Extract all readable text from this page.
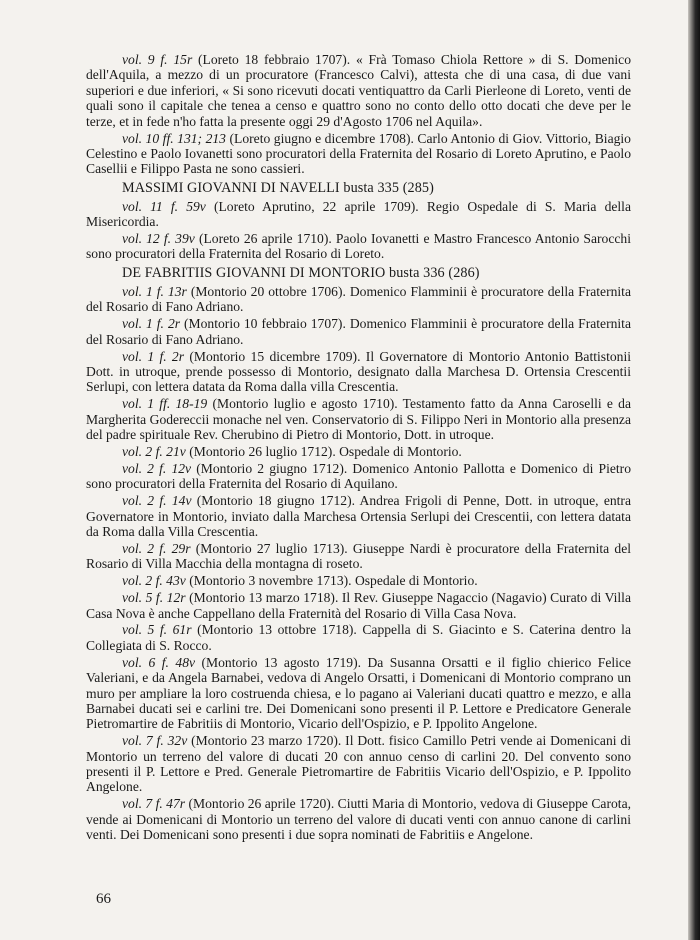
vol. 9 f. 15r (Loreto 18 febbraio 1707). « Frà Tomaso Chiola Rettore » di S. Domenico dell'Aquila, a mezzo di un procuratore (Francesco Calvi), attesta che di una casa, di due vani superiori e due inferiori, « Si sono ricevuti docati ventiquattro da Carli Pierleone di Loreto, venti de quali sono il capitale che tenea a censo e quattro sono no conto dello otto docati che deve per le terze, et in fede n'ho fatta la presente oggi 29 d'Agosto 1706 nel Aquila».

vol. 10 ff. 131; 213 (Loreto giugno e dicembre 1708). Carlo Antonio di Giov. Vittorio, Biagio Celestino e Paolo Iovanetti sono procuratori della Fraternita del Rosario di Loreto Aprutino, e Paolo Casellii e Filippo Pasta ne sono cassieri.

MASSIMI GIOVANNI DI NAVELLI busta 335 (285)

vol. 11 f. 59v (Loreto Aprutino, 22 aprile 1709). Regio Ospedale di S. Maria della Misericordia.

vol. 12 f. 39v (Loreto 26 aprile 1710). Paolo Iovanetti e Mastro Francesco Antonio Sarocchi sono procuratori della Fraternita del Rosario di Loreto.

DE FABRITIIS GIOVANNI DI MONTORIO busta 336 (286)

vol. 1 f. 13r (Montorio 20 ottobre 1706). Domenico Flamminii è procuratore della Fraternita del Rosario di Fano Adriano.

vol. 1 f. 2r (Montorio 10 febbraio 1707). Domenico Flamminii è procuratore della Fraternita del Rosario di Fano Adriano.

vol. 1 f. 2r (Montorio 15 dicembre 1709). Il Governatore di Montorio Antonio Battistonii Dott. in utroque, prende possesso di Montorio, designato dalla Marchesa D. Ortensia Crescentii Serlupi, con lettera datata da Roma dalla villa Crescentia.

vol. 1 ff. 18-19 (Montorio luglio e agosto 1710). Testamento fatto da Anna Caroselli e da Margherita Godereccii monache nel ven. Conservatorio di S. Filippo Neri in Montorio alla presenza del padre spirituale Rev. Cherubino di Pietro di Montorio, Dott. in utroque.

vol. 2 f. 21v (Montorio 26 luglio 1712). Ospedale di Montorio.

vol. 2 f. 12v (Montorio 2 giugno 1712). Domenico Antonio Pallotta e Domenico di Pietro sono procuratori della Fraternita del Rosario di Aquilano.

vol. 2 f. 14v (Montorio 18 giugno 1712). Andrea Frigoli di Penne, Dott. in utroque, entra Governatore in Montorio, inviato dalla Marchesa Ortensia Serlupi dei Crescentii, con lettera datata da Roma dalla Villa Crescentia.

vol. 2 f. 29r (Montorio 27 luglio 1713). Giuseppe Nardi è procuratore della Fraternita del Rosario di Villa Macchia della montagna di roseto.

vol. 2 f. 43v (Montorio 3 novembre 1713). Ospedale di Montorio.

vol. 5 f. 12r (Montorio 13 marzo 1718). Il Rev. Giuseppe Nagaccio (Nagavio) Curato di Villa Casa Nova è anche Cappellano della Fraternità del Rosario di Villa Casa Nova.

vol. 5 f. 61r (Montorio 13 ottobre 1718). Cappella di S. Giacinto e S. Caterina dentro la Collegiata di S. Rocco.

vol. 6 f. 48v (Montorio 13 agosto 1719). Da Susanna Orsatti e il figlio chierico Felice Valeriani, e da Angela Barnabei, vedova di Angelo Orsatti, i Domenicani di Montorio comprano un muro per ampliare la loro costruenda chiesa, e lo pagano ai Valeriani ducati quattro e mezzo, e alla Barnabei ducati sei e carlini tre. Dei Domenicani sono presenti il P. Lettore e Predicatore Generale Pietromartire de Fabritiis di Montorio, Vicario dell'Ospizio, e P. Ippolito Angelone.

vol. 7 f. 32v (Montorio 23 marzo 1720). Il Dott. fisico Camillo Petri vende ai Domenicani di Montorio un terreno del valore di ducati 20 con annuo censo di carlini 20. Del convento sono presenti il P. Lettore e Pred. Generale Pietromartire de Fabritiis Vicario dell'Ospizio, e P. Ippolito Angelone.

vol. 7 f. 47r (Montorio 26 aprile 1720). Ciutti Maria di Montorio, vedova di Giuseppe Carota, vende ai Domenicani di Montorio un terreno del valore di ducati venti con annuo canone di carlini venti. Dei Domenicani sono presenti i due sopra nominati de Fabritiis e Angelone.

66
